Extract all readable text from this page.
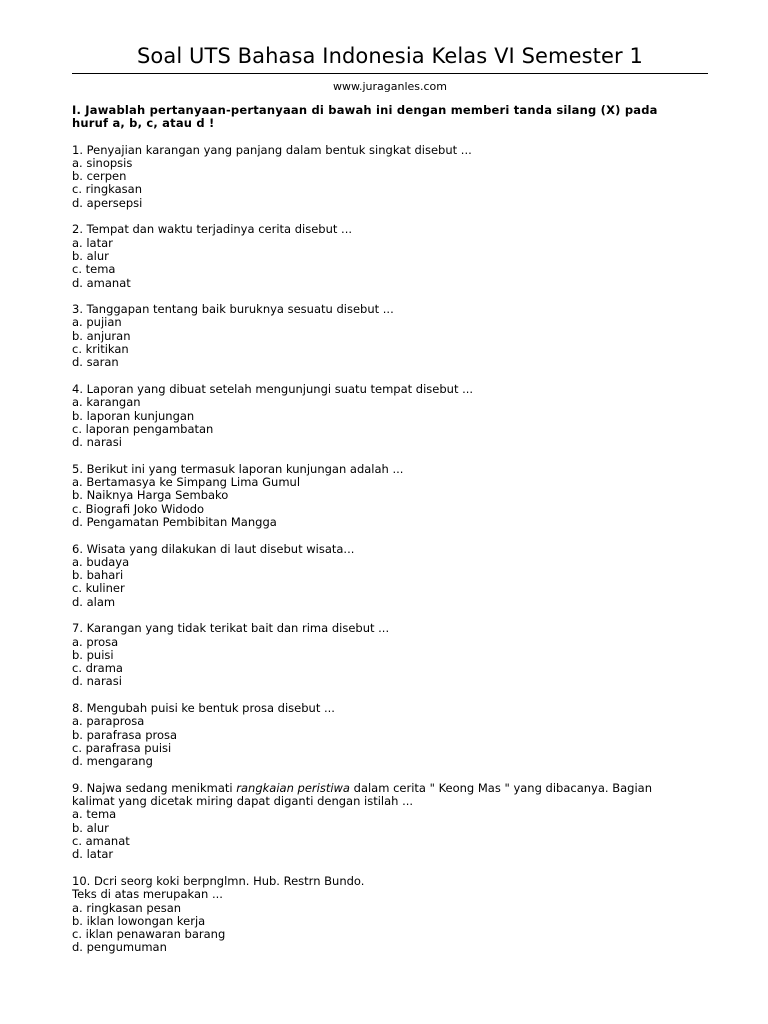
Soal UTS Bahasa Indonesia Kelas VI Semester 1
www.juraganles.com
I. Jawablah pertanyaan-pertanyaan di bawah ini dengan memberi tanda silang (X) pada
huruf a, b, c, atau d !
1. Penyajian karangan yang panjang dalam bentuk singkat disebut ...
a. sinopsis
b. cerpen
c. ringkasan
d. apersepsi
2. Tempat dan waktu terjadinya cerita disebut ...
a. latar
b. alur
c. tema
d. amanat
3. Tanggapan tentang baik buruknya sesuatu disebut ...
a. pujian
b. anjuran
c. kritikan
d. saran
4. Laporan yang dibuat setelah mengunjungi suatu tempat disebut ...
a. karangan
b. laporan kunjungan
c. laporan pengambatan
d. narasi
5. Berikut ini yang termasuk laporan kunjungan adalah ...
a. Bertamasya ke Simpang Lima Gumul
b. Naiknya Harga Sembako
c. Biografi Joko Widodo
d. Pengamatan Pembibitan Mangga
6. Wisata yang dilakukan di laut disebut wisata...
a. budaya
b. bahari
c. kuliner
d. alam
7. Karangan yang tidak terikat bait dan rima disebut ...
a. prosa
b. puisi
c. drama
d. narasi
8. Mengubah puisi ke bentuk prosa disebut ...
a. paraprosa
b. parafrasa prosa
c. parafrasa puisi
d. mengarang
9. Najwa sedang menikmati rangkaian peristiwa dalam cerita " Keong Mas " yang dibacanya. Bagian
kalimat yang dicetak miring dapat diganti dengan istilah ...
a. tema
b. alur
c. amanat
d. latar
10. Dcri seorg koki berpnglmn. Hub. Restrn Bundo.
Teks di atas merupakan ...
a. ringkasan pesan
b. iklan lowongan kerja
c. iklan penawaran barang
d. pengumuman
